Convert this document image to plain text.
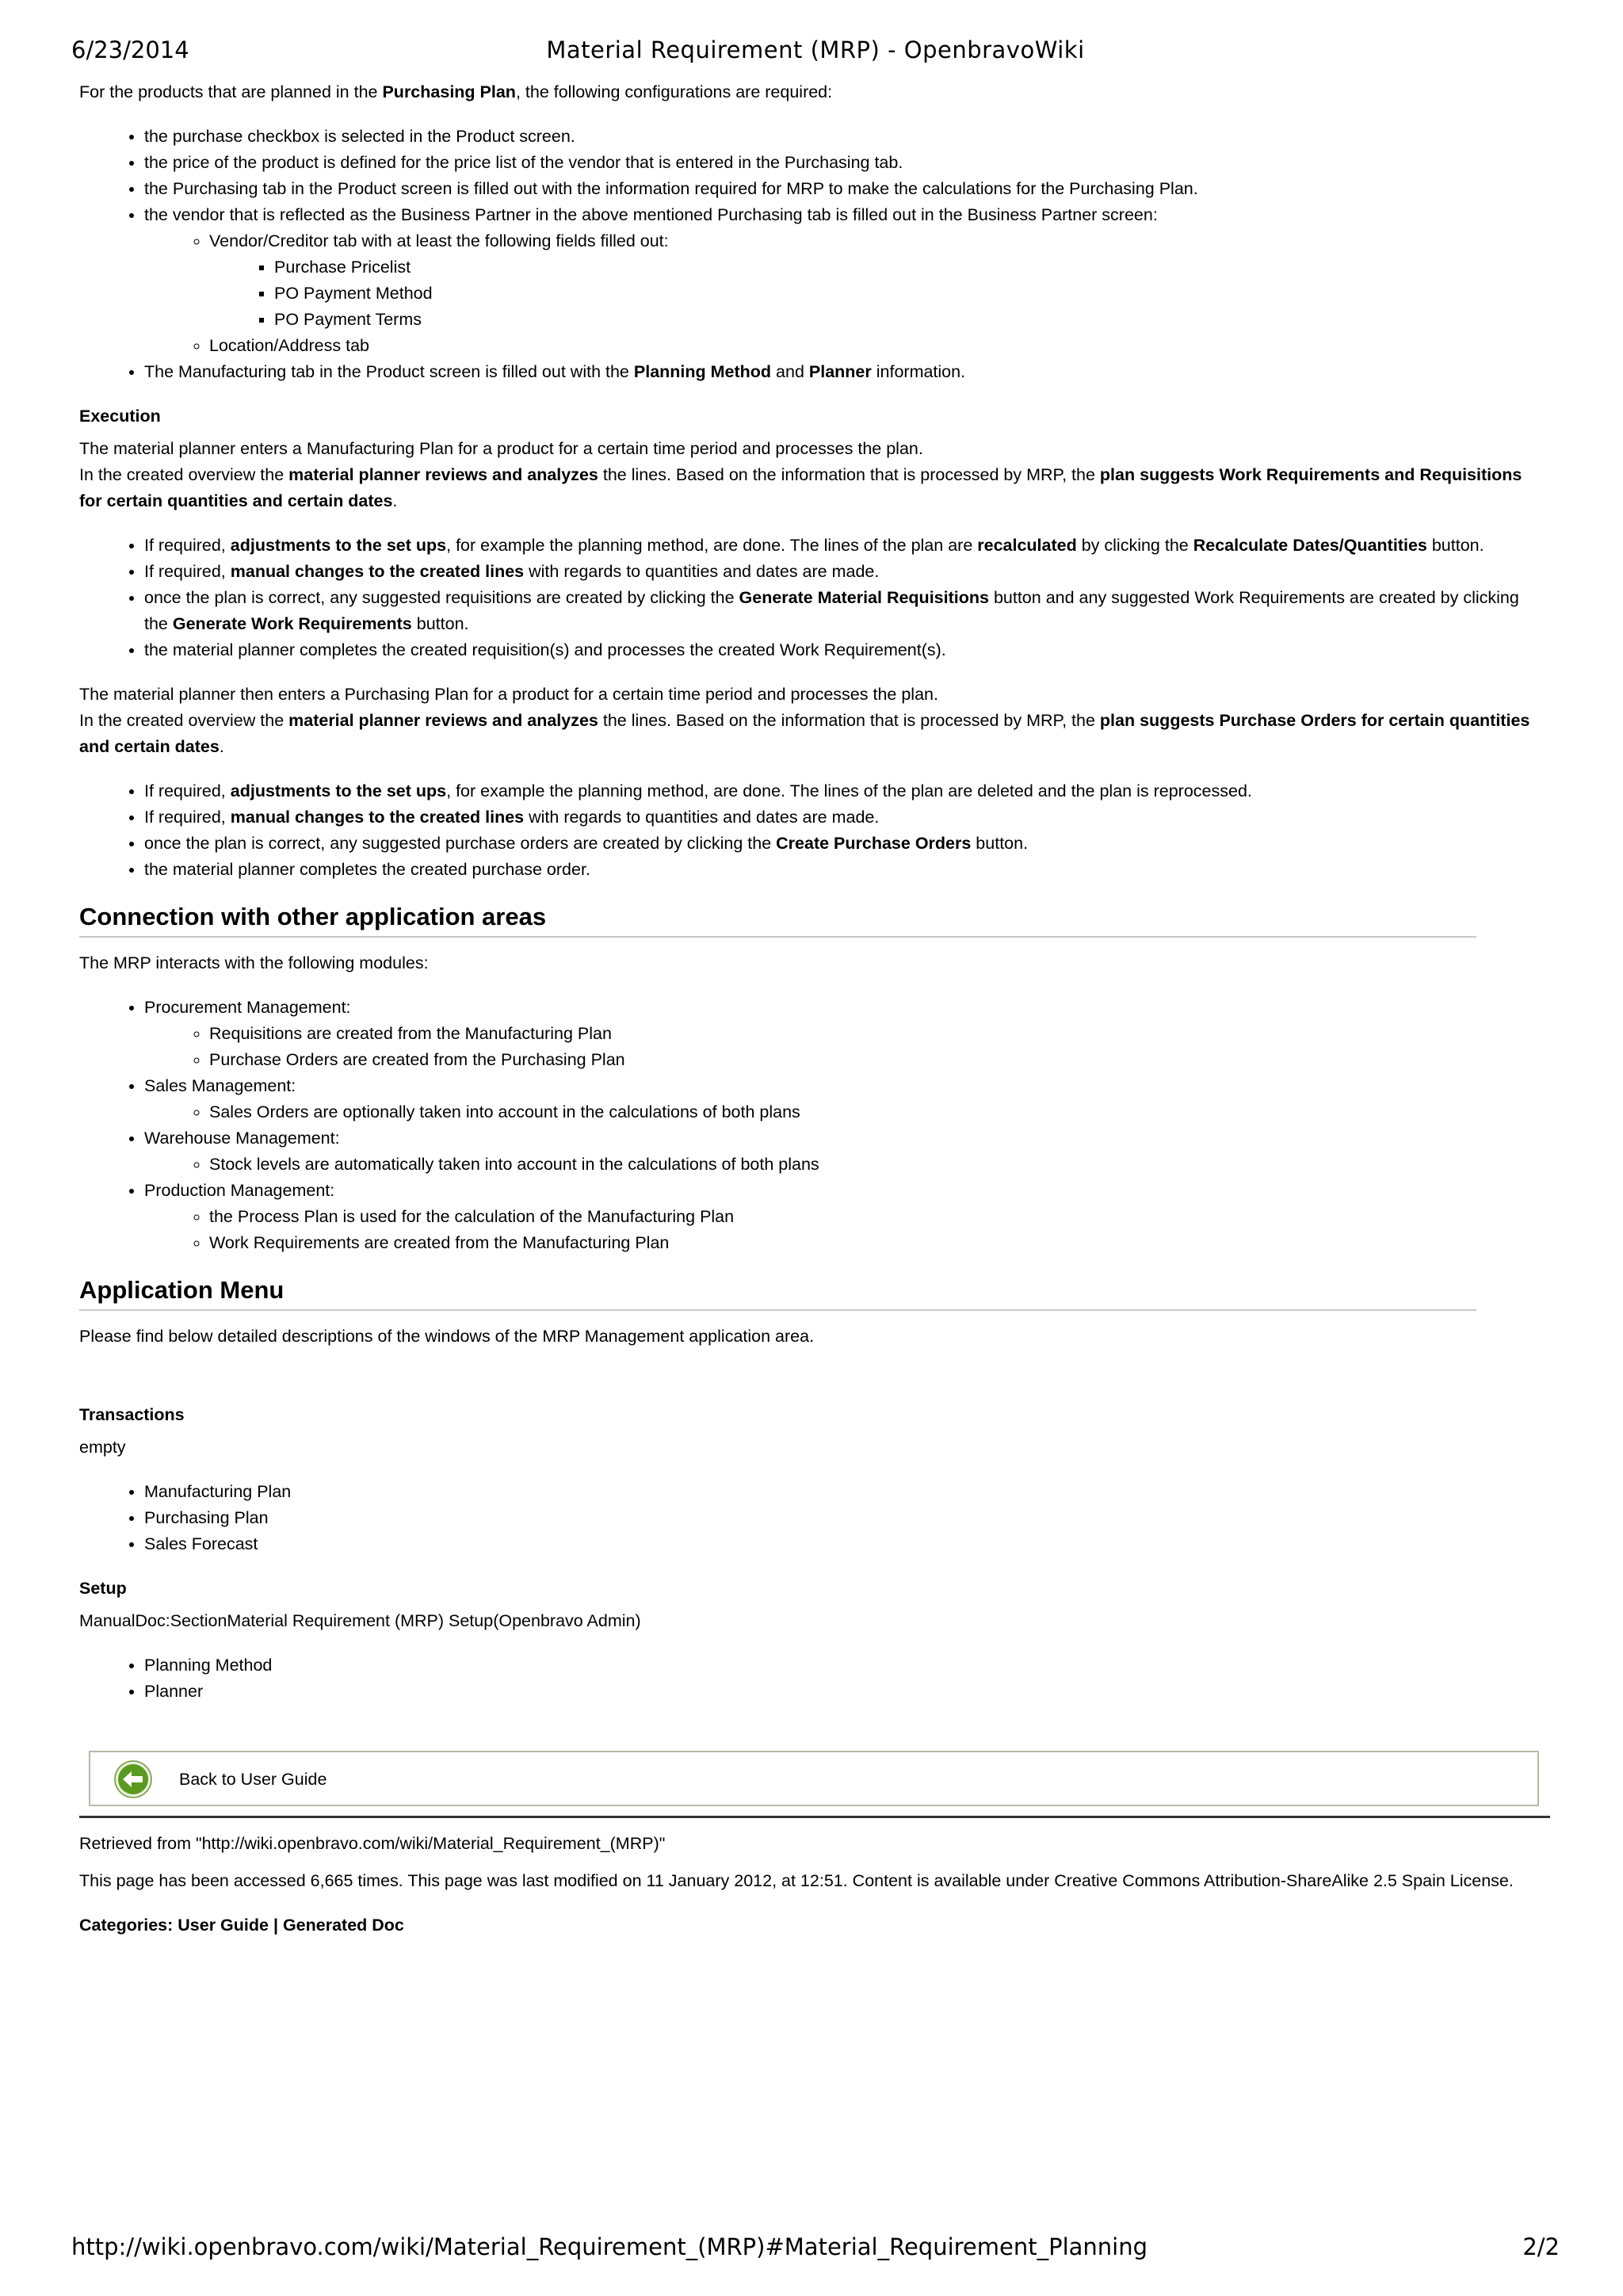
6/23/2014	Material Requirement (MRP) - OpenbravoWiki

For the products that are planned in the Purchasing Plan, the following configurations are required:

• the purchase checkbox is selected in the Product screen.
• the price of the product is defined for the price list of the vendor that is entered in the Purchasing tab.
• the Purchasing tab in the Product screen is filled out with the information required for MRP to make the calculations for the Purchasing Plan.
• the vendor that is reflected as the Business Partner in the above mentioned Purchasing tab is filled out in the Business Partner screen:
◦ Vendor/Creditor tab with at least the following fields filled out:
▪ Purchase Pricelist
▪ PO Payment Method
▪ PO Payment Terms
◦ Location/Address tab
• The Manufacturing tab in the Product screen is filled out with the Planning Method and Planner information.
Execution

The material planner enters a Manufacturing Plan for a product for a certain time period and processes the plan.

In the created overview the material planner reviews and analyzes the lines. Based on the information that is processed by MRP, the plan suggests Work Requirements and Requisitions for certain quantities and certain dates.

• If required, adjustments to the set ups, for example the planning method, are done. The lines of the plan are recalculated by clicking the Recalculate Dates/Quantities button.
• If required, manual changes to the created lines with regards to quantities and dates are made.
• once the plan is correct, any suggested requisitions are created by clicking the Generate Material Requisitions button and any suggested Work Requirements are created by clicking the Generate Work Requirements button.
• the material planner completes the created requisition(s) and processes the created Work Requirement(s).

The material planner then enters a Purchasing Plan for a product for a certain time period and processes the plan.

In the created overview the material planner reviews and analyzes the lines. Based on the information that is processed by MRP, the plan suggests Purchase Orders for certain quantities and certain dates.

• If required, adjustments to the set ups, for example the planning method, are done. The lines of the plan are deleted and the plan is reprocessed.
• If required, manual changes to the created lines with regards to quantities and dates are made.
• once the plan is correct, any suggested purchase orders are created by clicking the Create Purchase Orders button.
• the material planner completes the created purchase order.
Connection with other application areas

The MRP interacts with the following modules:

• Procurement Management:
◦ Requisitions are created from the Manufacturing Plan
◦ Purchase Orders are created from the Purchasing Plan
• Sales Management:
◦ Sales Orders are optionally taken into account in the calculations of both plans
• Warehouse Management:
◦ Stock levels are automatically taken into account in the calculations of both plans
• Production Management:
◦ the Process Plan is used for the calculation of the Manufacturing Plan
◦ Work Requirements are created from the Manufacturing Plan
Application Menu

Please find below detailed descriptions of the windows of the MRP Management application area.

Transactions

empty

• Manufacturing Plan
• Purchasing Plan
• Sales Forecast
Setup

ManualDoc:SectionMaterial Requirement (MRP) Setup(Openbravo Admin)

• Planning Method
• Planner
Back to User Guide

Retrieved from "http://wiki.openbravo.com/wiki/Material_Requirement_(MRP)"

This page has been accessed 6,665 times. This page was last modified on 11 January 2012, at 12:51. Content is available under Creative Commons Attribution-ShareAlike 2.5 Spain License.

Categories: User Guide | Generated Doc

http://wiki.openbravo.com/wiki/Material_Requirement_(MRP)#Material_Requirement_Planning	2/2
